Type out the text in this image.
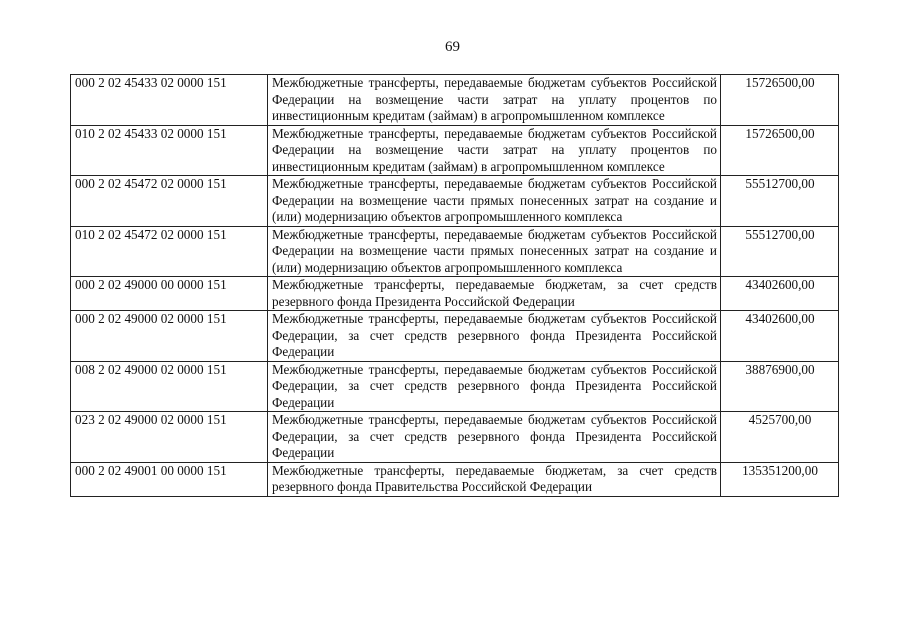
69
000 2 02 45433 02 0000 151	Межбюджетные трансферты, передаваемые бюджетам субъектов Российской Федерации на возмещение части затрат на уплату процентов по инвестиционным кредитам (займам) в агропромышленном комплексе	15726500,00
010 2 02 45433 02 0000 151	Межбюджетные трансферты, передаваемые бюджетам субъектов Российской Федерации на возмещение части затрат на уплату процентов по инвестиционным кредитам (займам) в агропромышленном комплексе	15726500,00
000 2 02 45472 02 0000 151	Межбюджетные трансферты, передаваемые бюджетам субъектов Российской Федерации на возмещение части прямых понесенных затрат на создание и (или) модернизацию объектов агропромышленного комплекса	55512700,00
010 2 02 45472 02 0000 151	Межбюджетные трансферты, передаваемые бюджетам субъектов Российской Федерации на возмещение части прямых понесенных затрат на создание и (или) модернизацию объектов агропромышленного комплекса	55512700,00
000 2 02 49000 00 0000 151	Межбюджетные трансферты, передаваемые бюджетам, за счет средств резервного фонда Президента Российской Федерации	43402600,00
000 2 02 49000 02 0000 151	Межбюджетные трансферты, передаваемые бюджетам субъектов Российской Федерации, за счет средств резервного фонда Президента Российской Федерации	43402600,00
008 2 02 49000 02 0000 151	Межбюджетные трансферты, передаваемые бюджетам субъектов Российской Федерации, за счет средств резервного фонда Президента Российской Федерации	38876900,00
023 2 02 49000 02 0000 151	Межбюджетные трансферты, передаваемые бюджетам субъектов Российской Федерации, за счет средств резервного фонда Президента Российской Федерации	4525700,00
000 2 02 49001 00 0000 151	Межбюджетные трансферты, передаваемые бюджетам, за счет средств резервного фонда Правительства Российской Федерации	135351200,00
